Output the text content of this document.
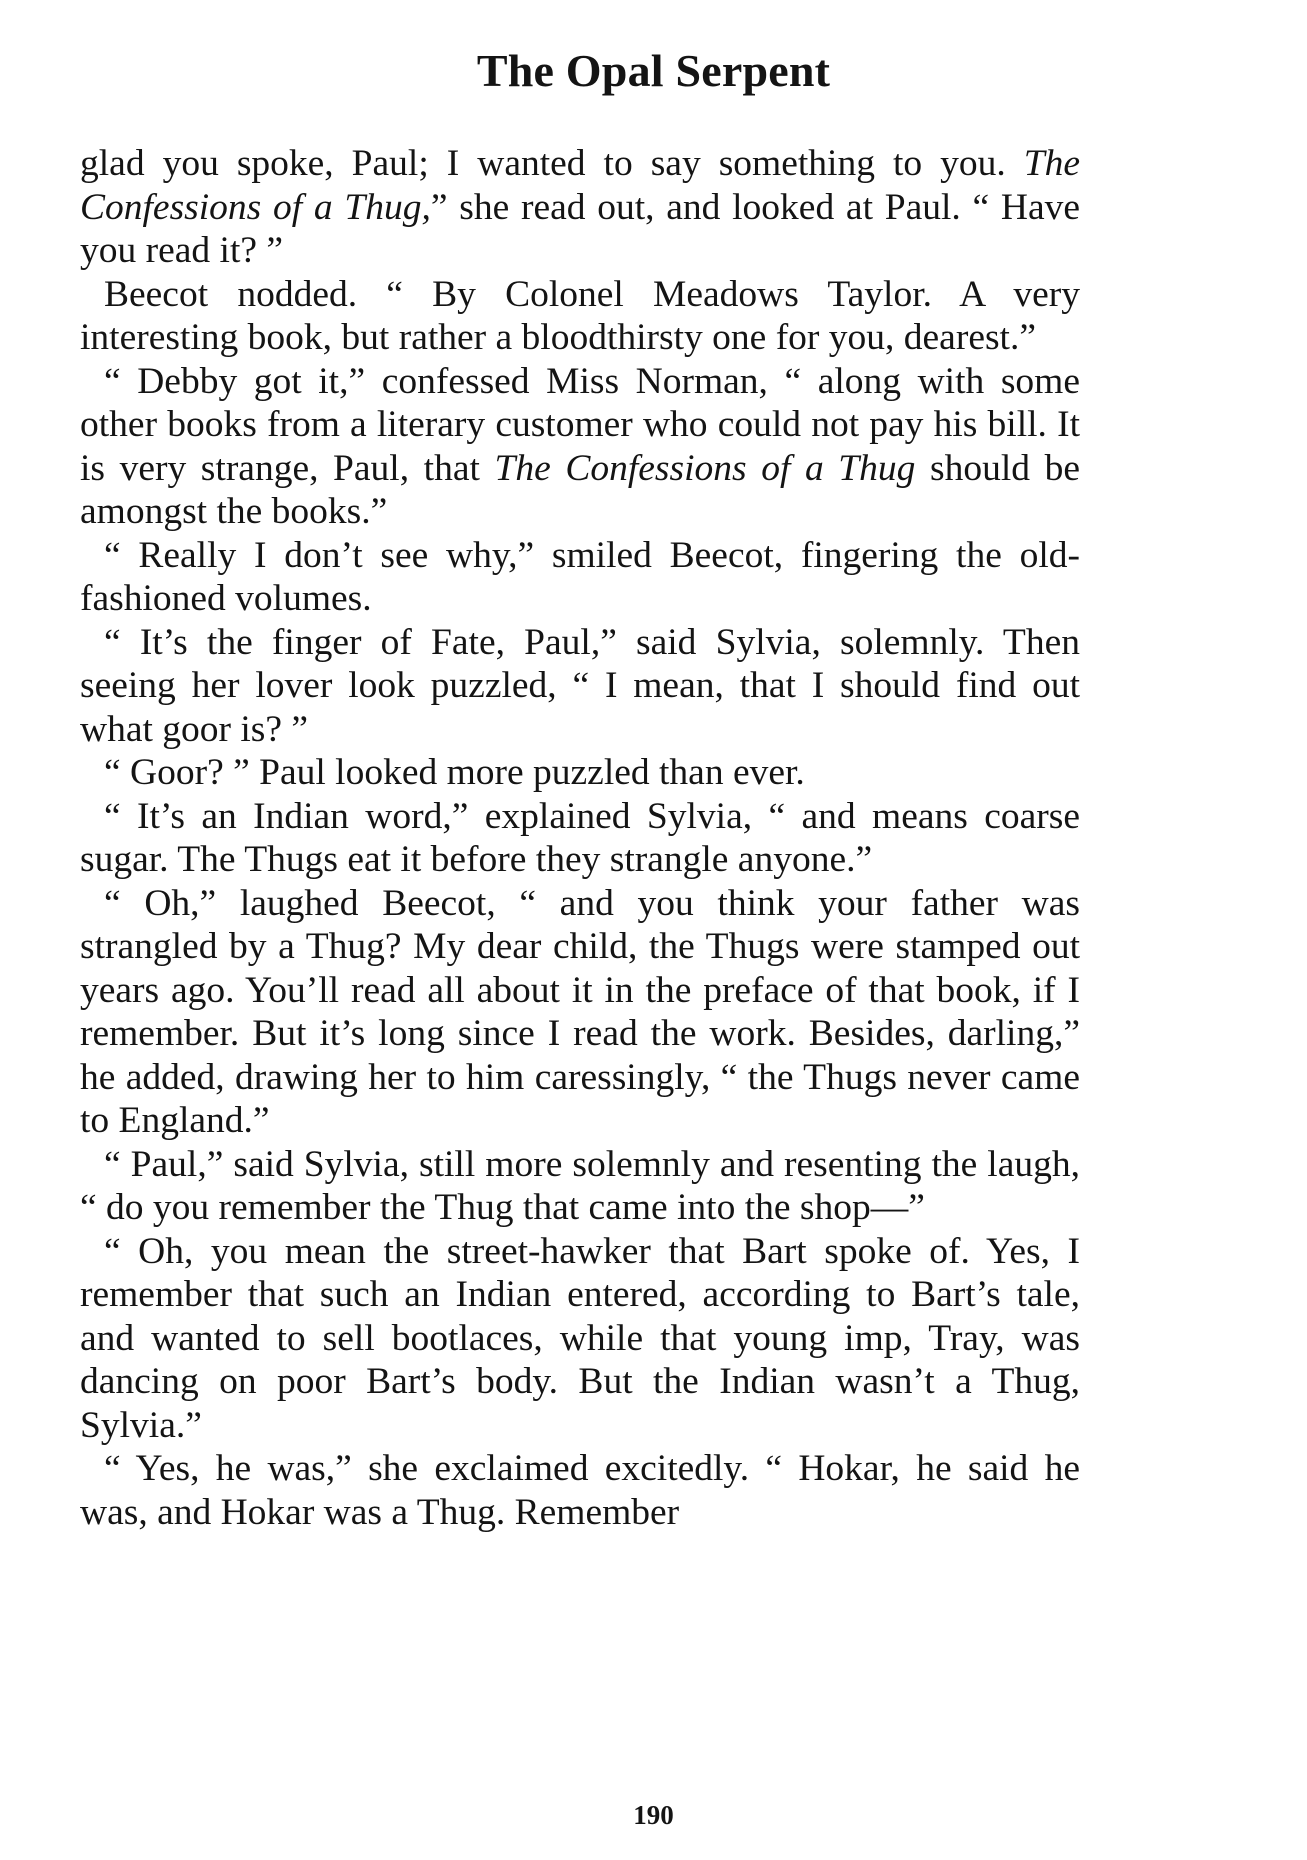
The Opal Serpent

glad you spoke, Paul; I wanted to say something to you. The Confessions of a Thug,” she read out, and looked at Paul. “ Have you read it? ”

Beecot nodded. “ By Colonel Meadows Taylor. A very interesting book, but rather a bloodthirsty one for you, dearest.”

“ Debby got it,” confessed Miss Norman, “ along with some other books from a literary customer who could not pay his bill. It is very strange, Paul, that The Confessions of a Thug should be amongst the books.”

“ Really I don’t see why,” smiled Beecot, fingering the old-fashioned volumes.

“ It’s the finger of Fate, Paul,” said Sylvia, solemnly. Then seeing her lover look puzzled, “ I mean, that I should find out what goor is? ”

“ Goor? ” Paul looked more puzzled than ever.

“ It’s an Indian word,” explained Sylvia, “ and means coarse sugar. The Thugs eat it before they strangle anyone.”

“ Oh,” laughed Beecot, “ and you think your father was strangled by a Thug? My dear child, the Thugs were stamped out years ago. You’ll read all about it in the preface of that book, if I remember. But it’s long since I read the work. Besides, darling,” he added, drawing her to him caressingly, “ the Thugs never came to England.”

“ Paul,” said Sylvia, still more solemnly and resenting the laugh, “ do you remember the Thug that came into the shop—”

“ Oh, you mean the street-hawker that Bart spoke of. Yes, I remember that such an Indian entered, according to Bart’s tale, and wanted to sell bootlaces, while that young imp, Tray, was dancing on poor Bart’s body. But the Indian wasn’t a Thug, Sylvia.”

“ Yes, he was,” she exclaimed excitedly. “ Hokar, he said he was, and Hokar was a Thug. Remember

190
